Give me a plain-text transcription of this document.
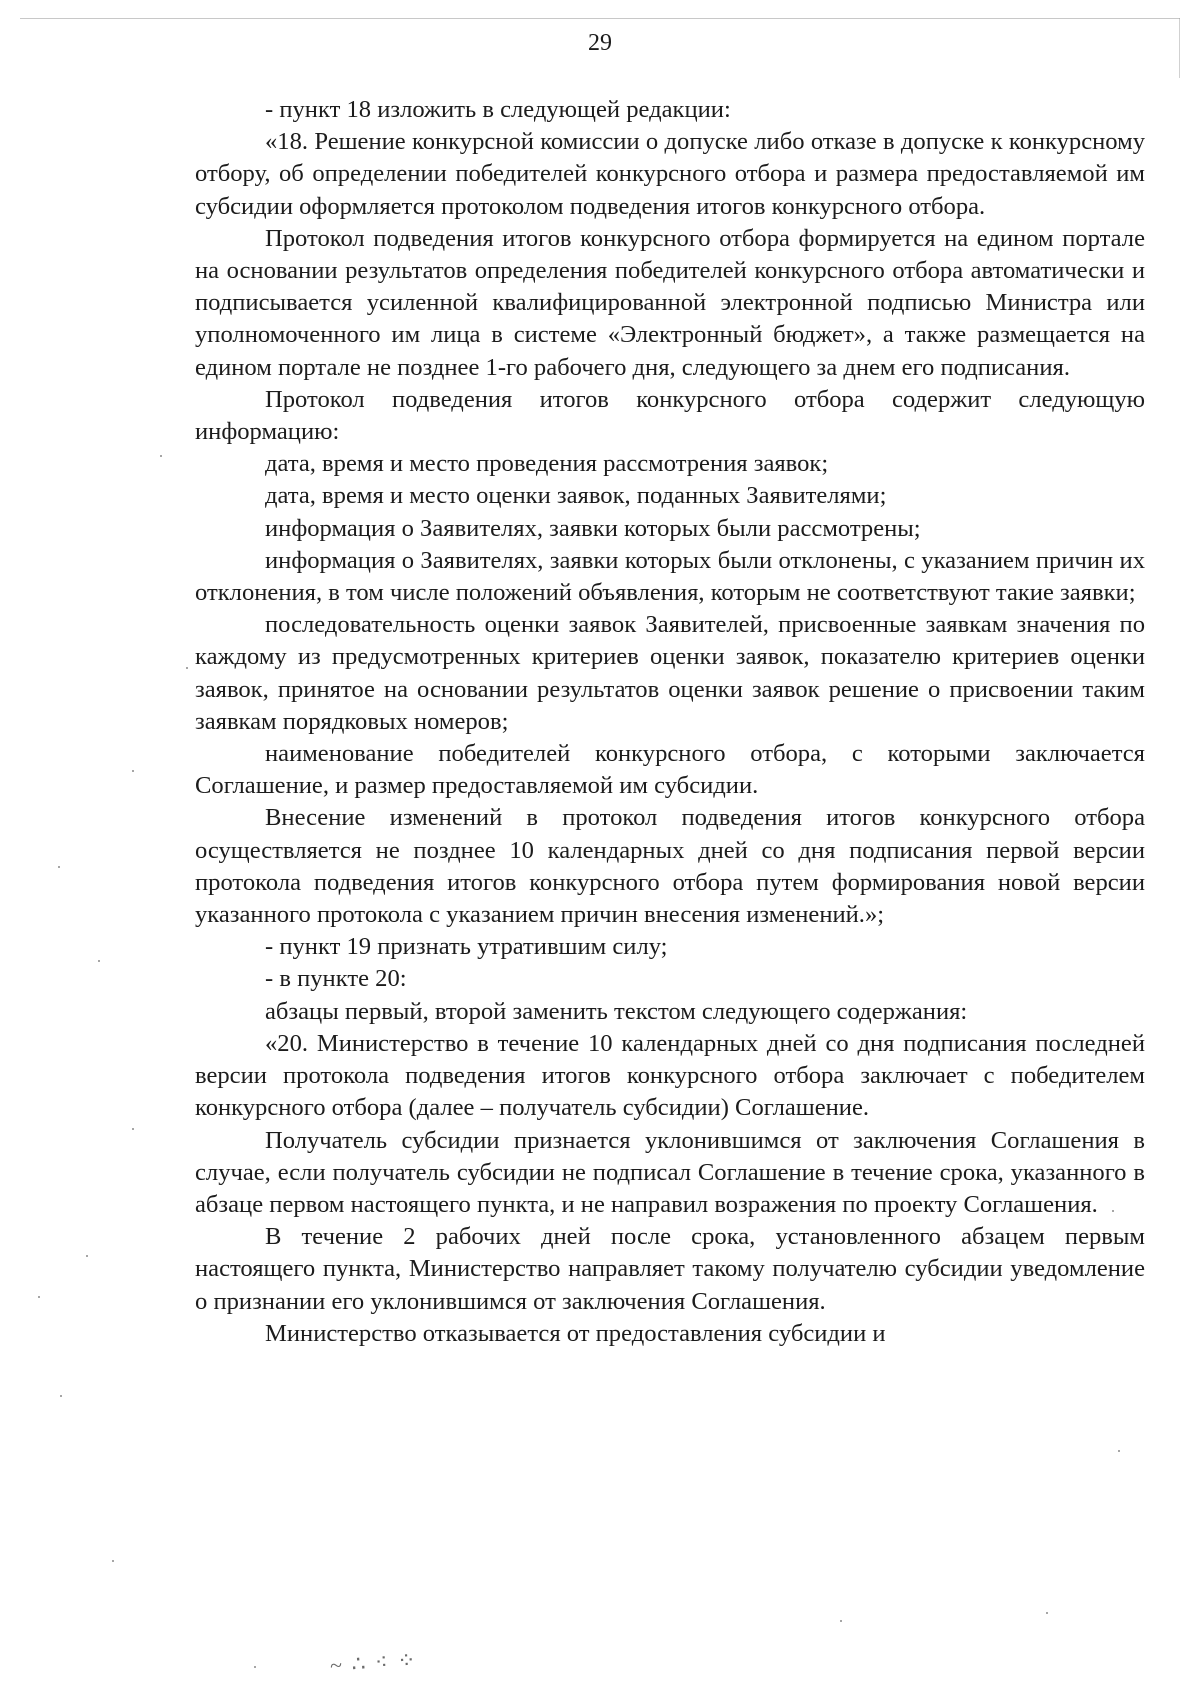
29

- пункт 18 изложить в следующей редакции:

«18. Решение конкурсной комиссии о допуске либо отказе в допуске к конкурсному отбору, об определении победителей конкурсного отбора и размера предоставляемой им субсидии оформляется протоколом подведения итогов конкурсного отбора.

Протокол подведения итогов конкурсного отбора формируется на едином портале на основании результатов определения победителей конкурсного отбора автоматически и подписывается усиленной квалифицированной электронной подписью Министра или уполномоченного им лица в системе «Электронный бюджет», а также размещается на едином портале не позднее 1-го рабочего дня, следующего за днем его подписания.

Протокол подведения итогов конкурсного отбора содержит следующую информацию:

дата, время и место проведения рассмотрения заявок;

дата, время и место оценки заявок, поданных Заявителями;

информация о Заявителях, заявки которых были рассмотрены;

информация о Заявителях, заявки которых были отклонены, с указанием причин их отклонения, в том числе положений объявления, которым не соответствуют такие заявки;

последовательность оценки заявок Заявителей, присвоенные заявкам значения по каждому из предусмотренных критериев оценки заявок, показателю критериев оценки заявок, принятое на основании результатов оценки заявок решение о присвоении таким заявкам порядковых номеров;

наименование победителей конкурсного отбора, с которыми заключается Соглашение, и размер предоставляемой им субсидии.

Внесение изменений в протокол подведения итогов конкурсного отбора осуществляется не позднее 10 календарных дней со дня подписания первой версии протокола подведения итогов конкурсного отбора путем формирования новой версии указанного протокола с указанием причин внесения изменений.»;

- пункт 19 признать утратившим силу;

- в пункте 20:

абзацы первый, второй заменить текстом следующего содержания:

«20. Министерство в течение 10 календарных дней со дня подписания последней версии протокола подведения итогов конкурсного отбора заключает с победителем конкурсного отбора (далее – получатель субсидии) Соглашение.

Получатель субсидии признается уклонившимся от заключения Соглашения в случае, если получатель субсидии не подписал Соглашение в течение срока, указанного в абзаце первом настоящего пункта, и не направил возражения по проекту Соглашения.

В течение 2 рабочих дней после срока, установленного абзацем первым настоящего пункта, Министерство направляет такому получателю субсидии уведомление о признании его уклонившимся от заключения Соглашения.

Министерство отказывается от предоставления субсидии и

~ ∴ ⁖ ⁘
